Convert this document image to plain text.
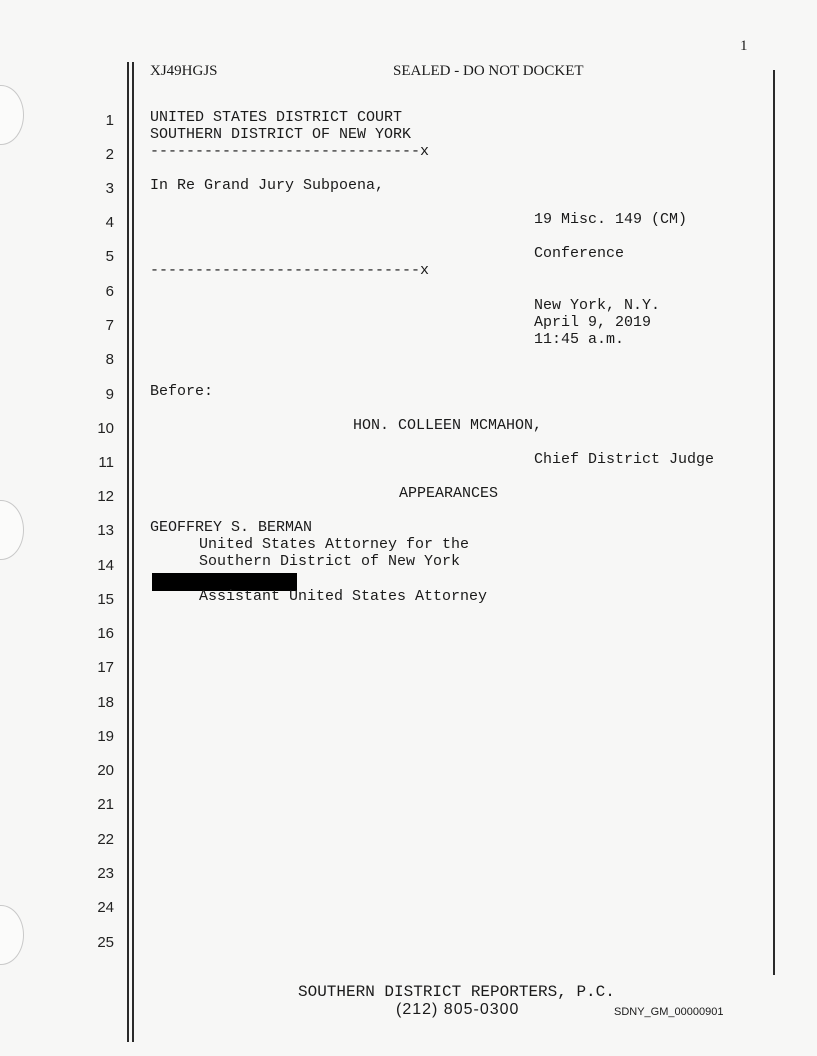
1
XJ49HGJS	SEALED - DO NOT DOCKET
1
2
3
4
5
6
7
8
9
10
11
12
13
14
15
16
17
18
19
20
21
22
23
24
25
UNITED STATES DISTRICT COURT
SOUTHERN DISTRICT OF NEW YORK
------------------------------x
In Re Grand Jury Subpoena,
19 Misc. 149 (CM)
Conference
------------------------------x
New York, N.Y.
April 9, 2019
11:45 a.m.
Before:
HON. COLLEEN MCMAHON,
Chief District Judge
APPEARANCES
GEOFFREY S. BERMAN
United States Attorney for the
Southern District of New York
Assistant United States Attorney
SOUTHERN DISTRICT REPORTERS, P.C.
(212) 805-0300	SDNY_GM_00000901
